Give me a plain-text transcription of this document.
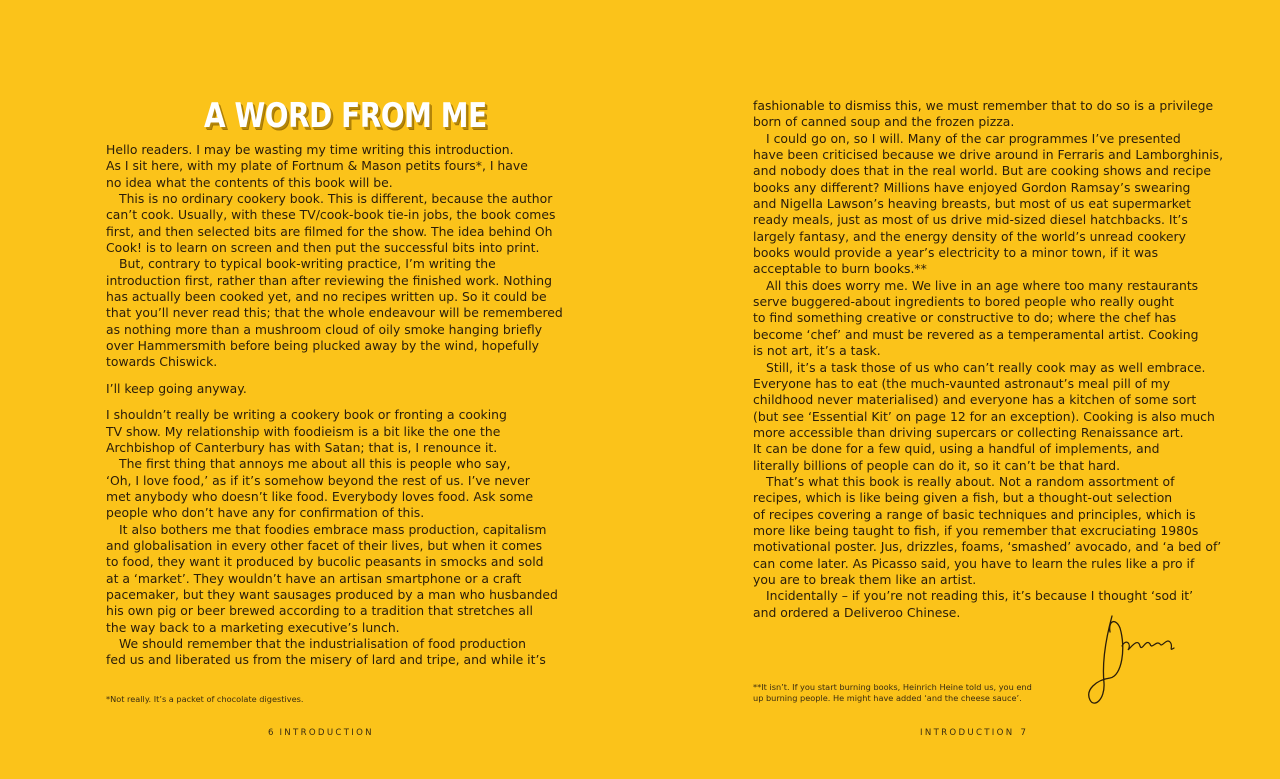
A WORD FROM ME

Hello readers. I may be wasting my time writing this introduction.
As I sit here, with my plate of Fortnum & Mason petits fours*, I have
no idea what the contents of this book will be.

This is no ordinary cookery book. This is different, because the author
can’t cook. Usually, with these TV/cook-book tie-in jobs, the book comes
first, and then selected bits are filmed for the show. The idea behind Oh
Cook! is to learn on screen and then put the successful bits into print.

But, contrary to typical book-writing practice, I’m writing the
introduction first, rather than after reviewing the finished work. Nothing
has actually been cooked yet, and no recipes written up. So it could be
that you’ll never read this; that the whole endeavour will be remembered
as nothing more than a mushroom cloud of oily smoke hanging briefly
over Hammersmith before being plucked away by the wind, hopefully
towards Chiswick.

I’ll keep going anyway.

I shouldn’t really be writing a cookery book or fronting a cooking
TV show. My relationship with foodieism is a bit like the one the
Archbishop of Canterbury has with Satan; that is, I renounce it.

The first thing that annoys me about all this is people who say,
‘Oh, I love food,’ as if it’s somehow beyond the rest of us. I’ve never
met anybody who doesn’t like food. Everybody loves food. Ask some
people who don’t have any for confirmation of this.

It also bothers me that foodies embrace mass production, capitalism
and globalisation in every other facet of their lives, but when it comes
to food, they want it produced by bucolic peasants in smocks and sold
at a ‘market’. They wouldn’t have an artisan smartphone or a craft
pacemaker, but they want sausages produced by a man who husbanded
his own pig or beer brewed according to a tradition that stretches all
the way back to a marketing executive’s lunch.

We should remember that the industrialisation of food production
fed us and liberated us from the misery of lard and tripe, and while it’s

*Not really. It’s a packet of chocolate digestives.
6 INTRODUCTION

fashionable to dismiss this, we must remember that to do so is a privilege
born of canned soup and the frozen pizza.

I could go on, so I will. Many of the car programmes I’ve presented
have been criticised because we drive around in Ferraris and Lamborghinis,
and nobody does that in the real world. But are cooking shows and recipe
books any different? Millions have enjoyed Gordon Ramsay’s swearing
and Nigella Lawson’s heaving breasts, but most of us eat supermarket
ready meals, just as most of us drive mid-sized diesel hatchbacks. It’s
largely fantasy, and the energy density of the world’s unread cookery
books would provide a year’s electricity to a minor town, if it was
acceptable to burn books.**

All this does worry me. We live in an age where too many restaurants
serve buggered-about ingredients to bored people who really ought
to find something creative or constructive to do; where the chef has
become ‘chef’ and must be revered as a temperamental artist. Cooking
is not art, it’s a task.

Still, it’s a task those of us who can’t really cook may as well embrace.
Everyone has to eat (the much-vaunted astronaut’s meal pill of my
childhood never materialised) and everyone has a kitchen of some sort
(but see ‘Essential Kit’ on page 12 for an exception). Cooking is also much
more accessible than driving supercars or collecting Renaissance art.
It can be done for a few quid, using a handful of implements, and
literally billions of people can do it, so it can’t be that hard.

That’s what this book is really about. Not a random assortment of
recipes, which is like being given a fish, but a thought-out selection
of recipes covering a range of basic techniques and principles, which is
more like being taught to fish, if you remember that excruciating 1980s
motivational poster. Jus, drizzles, foams, ‘smashed’ avocado, and ‘a bed of’
can come later. As Picasso said, you have to learn the rules like a pro if
you are to break them like an artist.

Incidentally – if you’re not reading this, it’s because I thought ‘sod it’
and ordered a Deliveroo Chinese.

**It isn’t. If you start burning books, Heinrich Heine told us, you end
up burning people. He might have added ‘and the cheese sauce’.
INTRODUCTION 7
